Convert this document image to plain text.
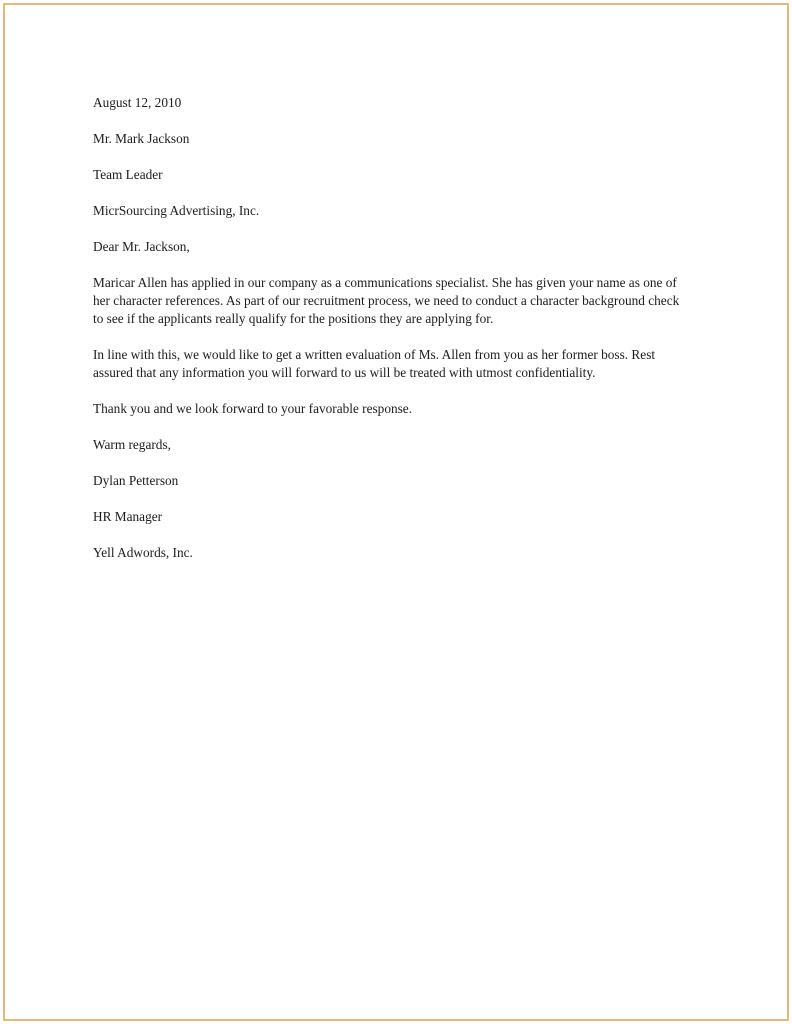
August 12, 2010

Mr. Mark Jackson

Team Leader

MicrSourcing Advertising, Inc.

Dear Mr. Jackson,

Maricar Allen has applied in our company as a communications specialist. She has given your name as one of her character references. As part of our recruitment process, we need to conduct a character background check to see if the applicants really qualify for the positions they are applying for.

In line with this, we would like to get a written evaluation of Ms. Allen from you as her former boss. Rest assured that any information you will forward to us will be treated with utmost confidentiality.

Thank you and we look forward to your favorable response.

Warm regards,

Dylan Petterson

HR Manager

Yell Adwords, Inc.
